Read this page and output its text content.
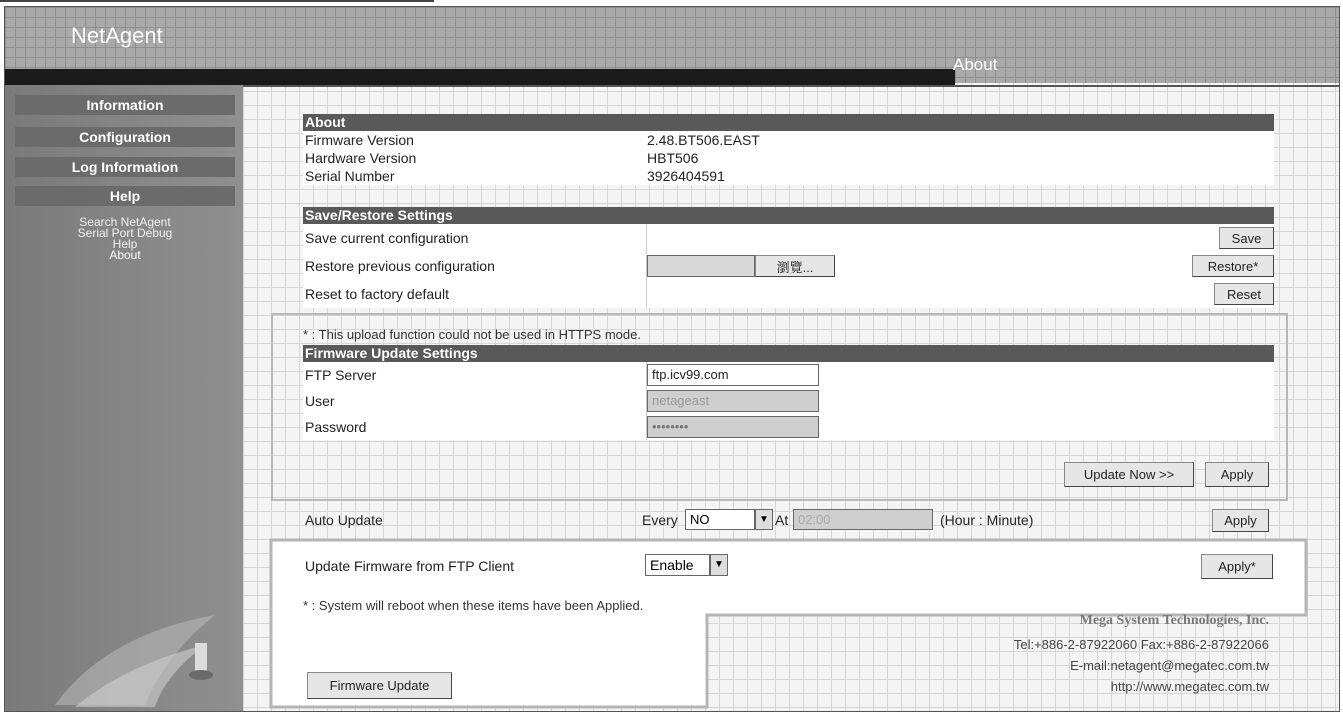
NetAgent
About
Information
Configuration
Log Information
Help
Search NetAgent
Serial Port Debug
Help
About
About
Firmware Version	2.48.BT506.EAST
Hardware Version	HBT506
Serial Number	3926404591
Save/Restore Settings
Save current configuration	Save
Restore previous configuration	瀏覽...	Restore*
Reset to factory default	Reset
* : This upload function could not be used in HTTPS mode.
Firmware Update Settings
FTP Server	ftp.icv99.com
User	netageast
Password	••••••••
Update Now >>	Apply
Auto Update	Every NO	▼ At 02:00	(Hour : Minute)	Apply
Update Firmware from FTP Client	Enable	▼	Apply*
* : System will reboot when these items have been Applied.
Firmware Update
Mega System Technologies, Inc.
Tel:+886-2-87922060 Fax:+886-2-87922066
E-mail:netagent@megatec.com.tw
http://www.megatec.com.tw
